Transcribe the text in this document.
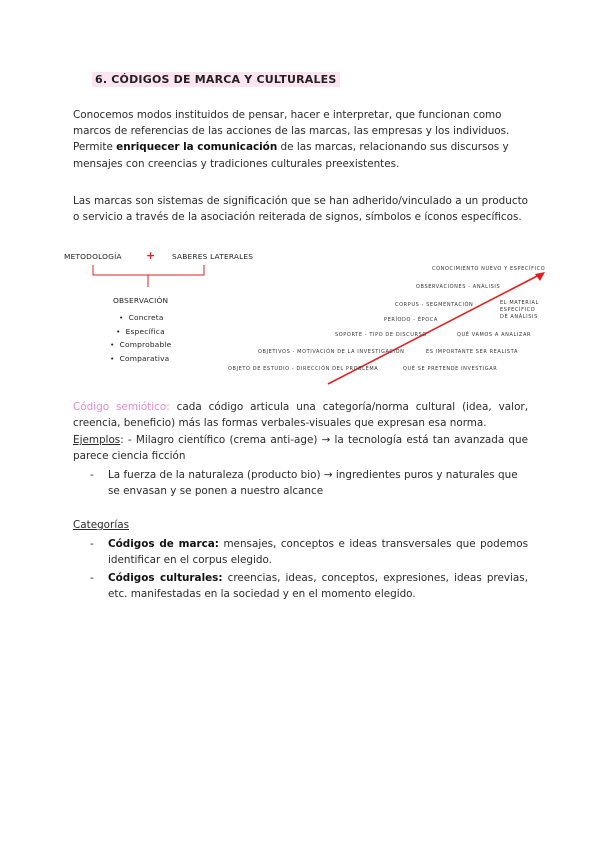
6. CÓDIGOS DE MARCA Y CULTURALES
Conocemos modos instituidos de pensar, hacer e interpretar, que funcionan como marcos de referencias de las acciones de las marcas, las empresas y los individuos.
Permite enriquecer la comunicación de las marcas, relacionando sus discursos y mensajes con creencias y tradiciones culturales preexistentes.
Las marcas son sistemas de significación que se han adherido/vinculado a un producto o servicio a través de la asociación reiterada de signos, símbolos e íconos específicos.
METODOLOGÍA + SABERES LATERALES
OBSERVACIÓN
•  Concreta
•  Específica
•  Comprobable
•  Comparativa
CONOCIMIENTO NUEVO Y ESPECÍFICO
OBSERVACIONES - ANÁLISIS
CORPUS - SEGMENTACIÓN
PERÍODO - ÉPOCA
SOPORTE - TIPO DE DISCURSO
OBJETIVOS - MOTIVACIÓN DE LA INVESTIGACIÓN
OBJETO DE ESTUDIO - DIRECCIÓN DEL PROBLEMA
EL MATERIAL ESPECÍFICO DE ANÁLISIS
QUÉ VAMOS A ANALIZAR
ES IMPORTANTE SER REALISTA
QUÉ SE PRETENDE INVESTIGAR
Código semiótico: cada código articula una categoría/norma cultural (idea, valor, creencia, beneficio) más las formas verbales-visuales que expresan esa norma.
Ejemplos: - Milagro científico (crema anti-age) → la tecnología está tan avanzada que parece ciencia ficción
-	La fuerza de la naturaleza (producto bio) → ingredientes puros y naturales que se envasan y se ponen a nuestro alcance
Categorías
-	Códigos de marca: mensajes, conceptos e ideas transversales que podemos identificar en el corpus elegido.
-	Códigos culturales: creencias, ideas, conceptos, expresiones, ideas previas, etc. manifestadas en la sociedad y en el momento elegido.
